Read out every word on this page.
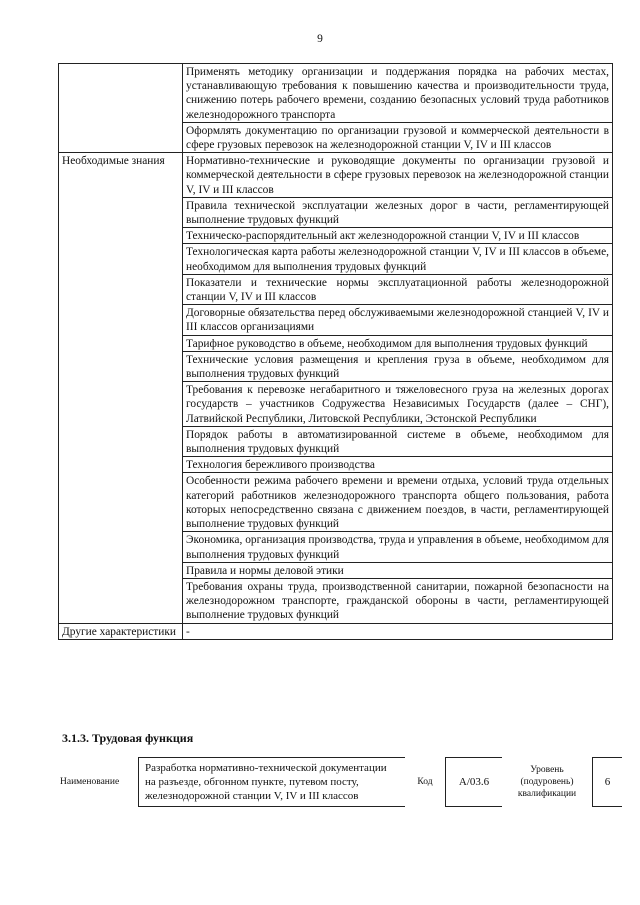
9
	Применять методику организации и поддержания порядка на рабочих местах, устанавливающую требования к повышению качества и производительности труда, снижению потерь рабочего времени, созданию безопасных условий труда работников железнодорожного транспорта
	Оформлять документацию по организации грузовой и коммерческой деятельности в сфере грузовых перевозок на железнодорожной станции V, IV и III классов
Необходимые знания	Нормативно-технические и руководящие документы по организации грузовой и коммерческой деятельности в сфере грузовых перевозок на железнодорожной станции V, IV и III классов
	Правила технической эксплуатации железных дорог в части, регламентирующей выполнение трудовых функций
	Техническо-распорядительный акт железнодорожной станции V, IV и III классов
	Технологическая карта работы железнодорожной станции V, IV и III классов в объеме, необходимом для выполнения трудовых функций
	Показатели и технические нормы эксплуатационной работы железнодорожной станции V, IV и III классов
	Договорные обязательства перед обслуживаемыми железнодорожной станцией V, IV и III классов организациями
	Тарифное руководство в объеме, необходимом для выполнения трудовых функций
	Технические условия размещения и крепления груза в объеме, необходимом для выполнения трудовых функций
	Требования к перевозке негабаритного и тяжеловесного груза на железных дорогах государств – участников Содружества Независимых Государств (далее – СНГ), Латвийской Республики, Литовской Республики, Эстонской Республики
	Порядок работы в автоматизированной системе в объеме, необходимом для выполнения трудовых функций
	Технология бережливого производства
	Особенности режима рабочего времени и времени отдыха, условий труда отдельных категорий работников железнодорожного транспорта общего пользования, работа которых непосредственно связана с движением поездов, в части, регламентирующей выполнение трудовых функций
	Экономика, организация производства, труда и управления в объеме, необходимом для выполнения трудовых функций
	Правила и нормы деловой этики
	Требования охраны труда, производственной санитарии, пожарной безопасности на железнодорожном транспорте, гражданской обороны в части, регламентирующей выполнение трудовых функций
Другие характеристики	-
3.1.3. Трудовая функция
Наименование	Разработка нормативно-технической документации на разъезде, обгонном пункте, путевом посту, железнодорожной станции V, IV и III классов	Код	А/03.6	Уровень (подуровень) квалификации	6	
